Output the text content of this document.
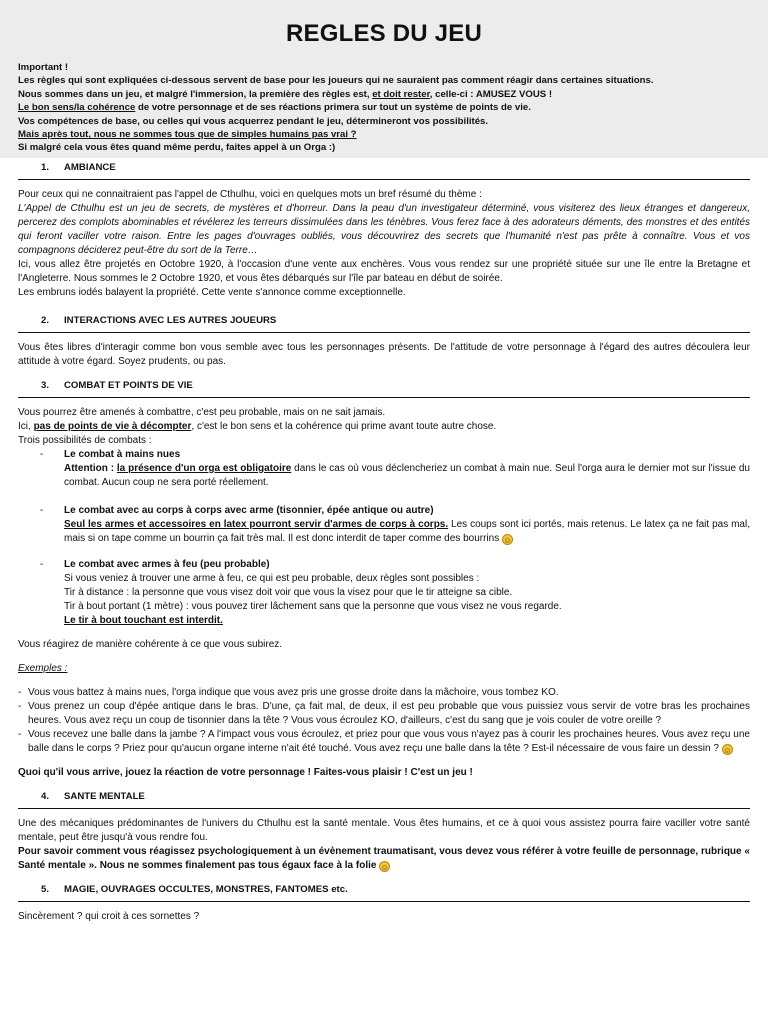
REGLES DU JEU

Important !

Les règles qui sont expliquées ci-dessous servent de base pour les joueurs qui ne sauraient pas comment réagir dans certaines situations.

Nous sommes dans un jeu, et malgré l'immersion, la première des règles est, et doit rester, celle-ci : AMUSEZ VOUS !

Le bon sens/la cohérence de votre personnage et de ses réactions primera sur tout un système de points de vie.

Vos compétences de base, ou celles qui vous acquerrez pendant le jeu, détermineront vos possibilités.

Mais après tout, nous ne sommes tous que de simples humains pas vrai ?

Si malgré cela vous êtes quand même perdu, faites appel à un Orga :)

1. AMBIANCE

Pour ceux qui ne connaitraient pas l'appel de Cthulhu, voici en quelques mots un bref résumé du thème :

L'Appel de Cthulhu est un jeu de secrets, de mystères et d'horreur. Dans la peau d'un investigateur déterminé, vous visiterez des lieux étranges et dangereux, percerez des complots abominables et révélerez les terreurs dissimulées dans les ténèbres. Vous ferez face à des adorateurs déments, des monstres et des entités qui feront vaciller votre raison. Entre les pages d'ouvrages oubliés, vous découvrirez des secrets que l'humanité n'est pas prête à connaître. Vous et vos compagnons déciderez peut-être du sort de la Terre…

Ici, vous allez être projetés en Octobre 1920, à l'occasion d'une vente aux enchères. Vous vous rendez sur une propriété située sur une île entre la Bretagne et l'Angleterre. Nous sommes le 2 Octobre 1920, et vous êtes débarqués sur l'île par bateau en début de soirée.

Les embruns iodés balayent la propriété. Cette vente s'annonce comme exceptionnelle.

2. INTERACTIONS AVEC LES AUTRES JOUEURS

Vous êtes libres d'interagir comme bon vous semble avec tous les personnages présents. De l'attitude de votre personnage à l'égard des autres découlera leur attitude à votre égard. Soyez prudents, ou pas.

3. COMBAT ET POINTS DE VIE

Vous pourrez être amenés à combattre, c'est peu probable, mais on ne sait jamais.

Ici, pas de points de vie à décompter, c'est le bon sens et la cohérence qui prime avant toute autre chose.

Trois possibilités de combats :

- Le combat à mains nues

Attention : la présence d'un orga est obligatoire dans le cas où vous déclencheriez un combat à main nue. Seul l'orga aura le dernier mot sur l'issue du combat. Aucun coup ne sera porté réellement.

- Le combat avec au corps à corps avec arme (tisonnier, épée antique ou autre)

Seul les armes et accessoires en latex pourront servir d'armes de corps à corps. Les coups sont ici portés, mais retenus. Le latex ça ne fait pas mal, mais si on tape comme un bourrin ça fait très mal. Il est donc interdit de taper comme des bourrins ☺

- Le combat avec armes à feu (peu probable)

Si vous veniez à trouver une arme à feu, ce qui est peu probable, deux règles sont possibles :

Tir à distance : la personne que vous visez doit voir que vous la visez pour que le tir atteigne sa cible.

Tir à bout portant (1 mètre) : vous pouvez tirer lâchement sans que la personne que vous visez ne vous regarde.

Le tir à bout touchant est interdit.

Vous réagirez de manière cohérente à ce que vous subirez.

Exemples :

- Vous vous battez à mains nues, l'orga indique que vous avez pris une grosse droite dans la mâchoire, vous tombez KO.
- Vous prenez un coup d'épée antique dans le bras. D'une, ça fait mal, de deux, il est peu probable que vous puissiez vous servir de votre bras les prochaines heures. Vous avez reçu un coup de tisonnier dans la tête ? Vous vous écroulez KO, d'ailleurs, c'est du sang que je vois couler de votre oreille ?
- Vous recevez une balle dans la jambe ? A l'impact vous vous écroulez, et priez pour que vous vous n'ayez pas à courir les prochaines heures. Vous avez reçu une balle dans le corps ? Priez pour qu'aucun organe interne n'ait été touché. Vous avez reçu une balle dans la tête ? Est-il nécessaire de vous faire un dessin ? ☺

Quoi qu'il vous arrive, jouez la réaction de votre personnage ! Faites-vous plaisir ! C'est un jeu !

4. SANTE MENTALE

Une des mécaniques prédominantes de l'univers du Cthulhu est la santé mentale. Vous êtes humains, et ce à quoi vous assistez pourra faire vaciller votre santé mentale, peut être jusqu'à vous rendre fou.

Pour savoir comment vous réagissez psychologiquement à un évènement traumatisant, vous devez vous référer à votre feuille de personnage, rubrique « Santé mentale ». Nous ne sommes finalement pas tous égaux face à la folie ☺

5. MAGIE, OUVRAGES OCCULTES, MONSTRES, FANTOMES etc.

Sincèrement ? qui croit à ces sornettes ?
